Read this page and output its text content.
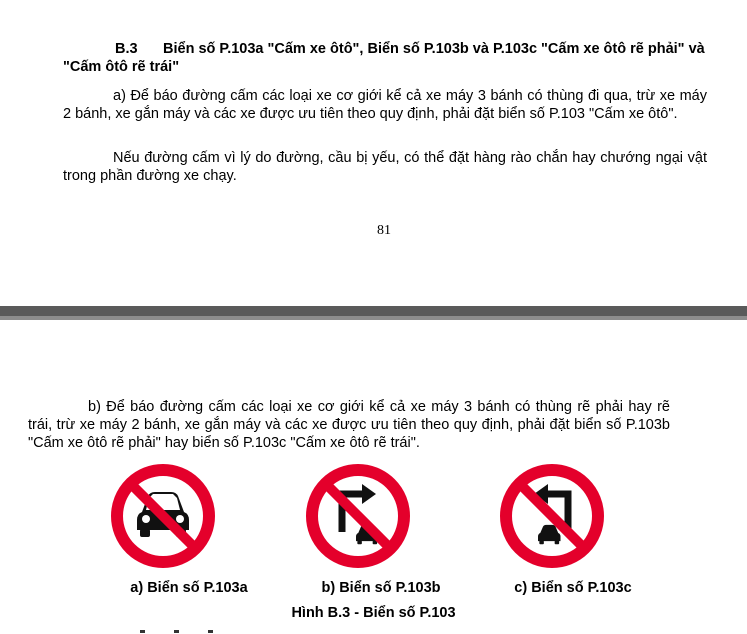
B.3 Biển số P.103a "Cấm xe ôtô", Biển số P.103b và P.103c "Cấm xe ôtô rẽ phải" và "Cấm ôtô rẽ trái"
a) Để báo đường cấm các loại xe cơ giới kể cả xe máy 3 bánh có thùng đi qua, trừ xe máy 2 bánh, xe gắn máy và các xe được ưu tiên theo quy định, phải đặt biển số P.103 "Cấm xe ôtô".
Nếu đường cấm vì lý do đường, cầu bị yếu, có thể đặt hàng rào chắn hay chướng ngại vật trong phần đường xe chạy.
81
b) Để báo đường cấm các loại xe cơ giới kể cả xe máy 3 bánh có thùng rẽ phải hay rẽ trái, trừ xe máy 2 bánh, xe gắn máy và các xe được ưu tiên theo quy định, phải đặt biển số P.103b "Cấm xe ôtô rẽ phải" hay biển số P.103c "Cấm xe ôtô rẽ trái".
a) Biển số P.103a	b) Biển số P.103b	c) Biển số P.103c
Hình B.3 - Biển số P.103
